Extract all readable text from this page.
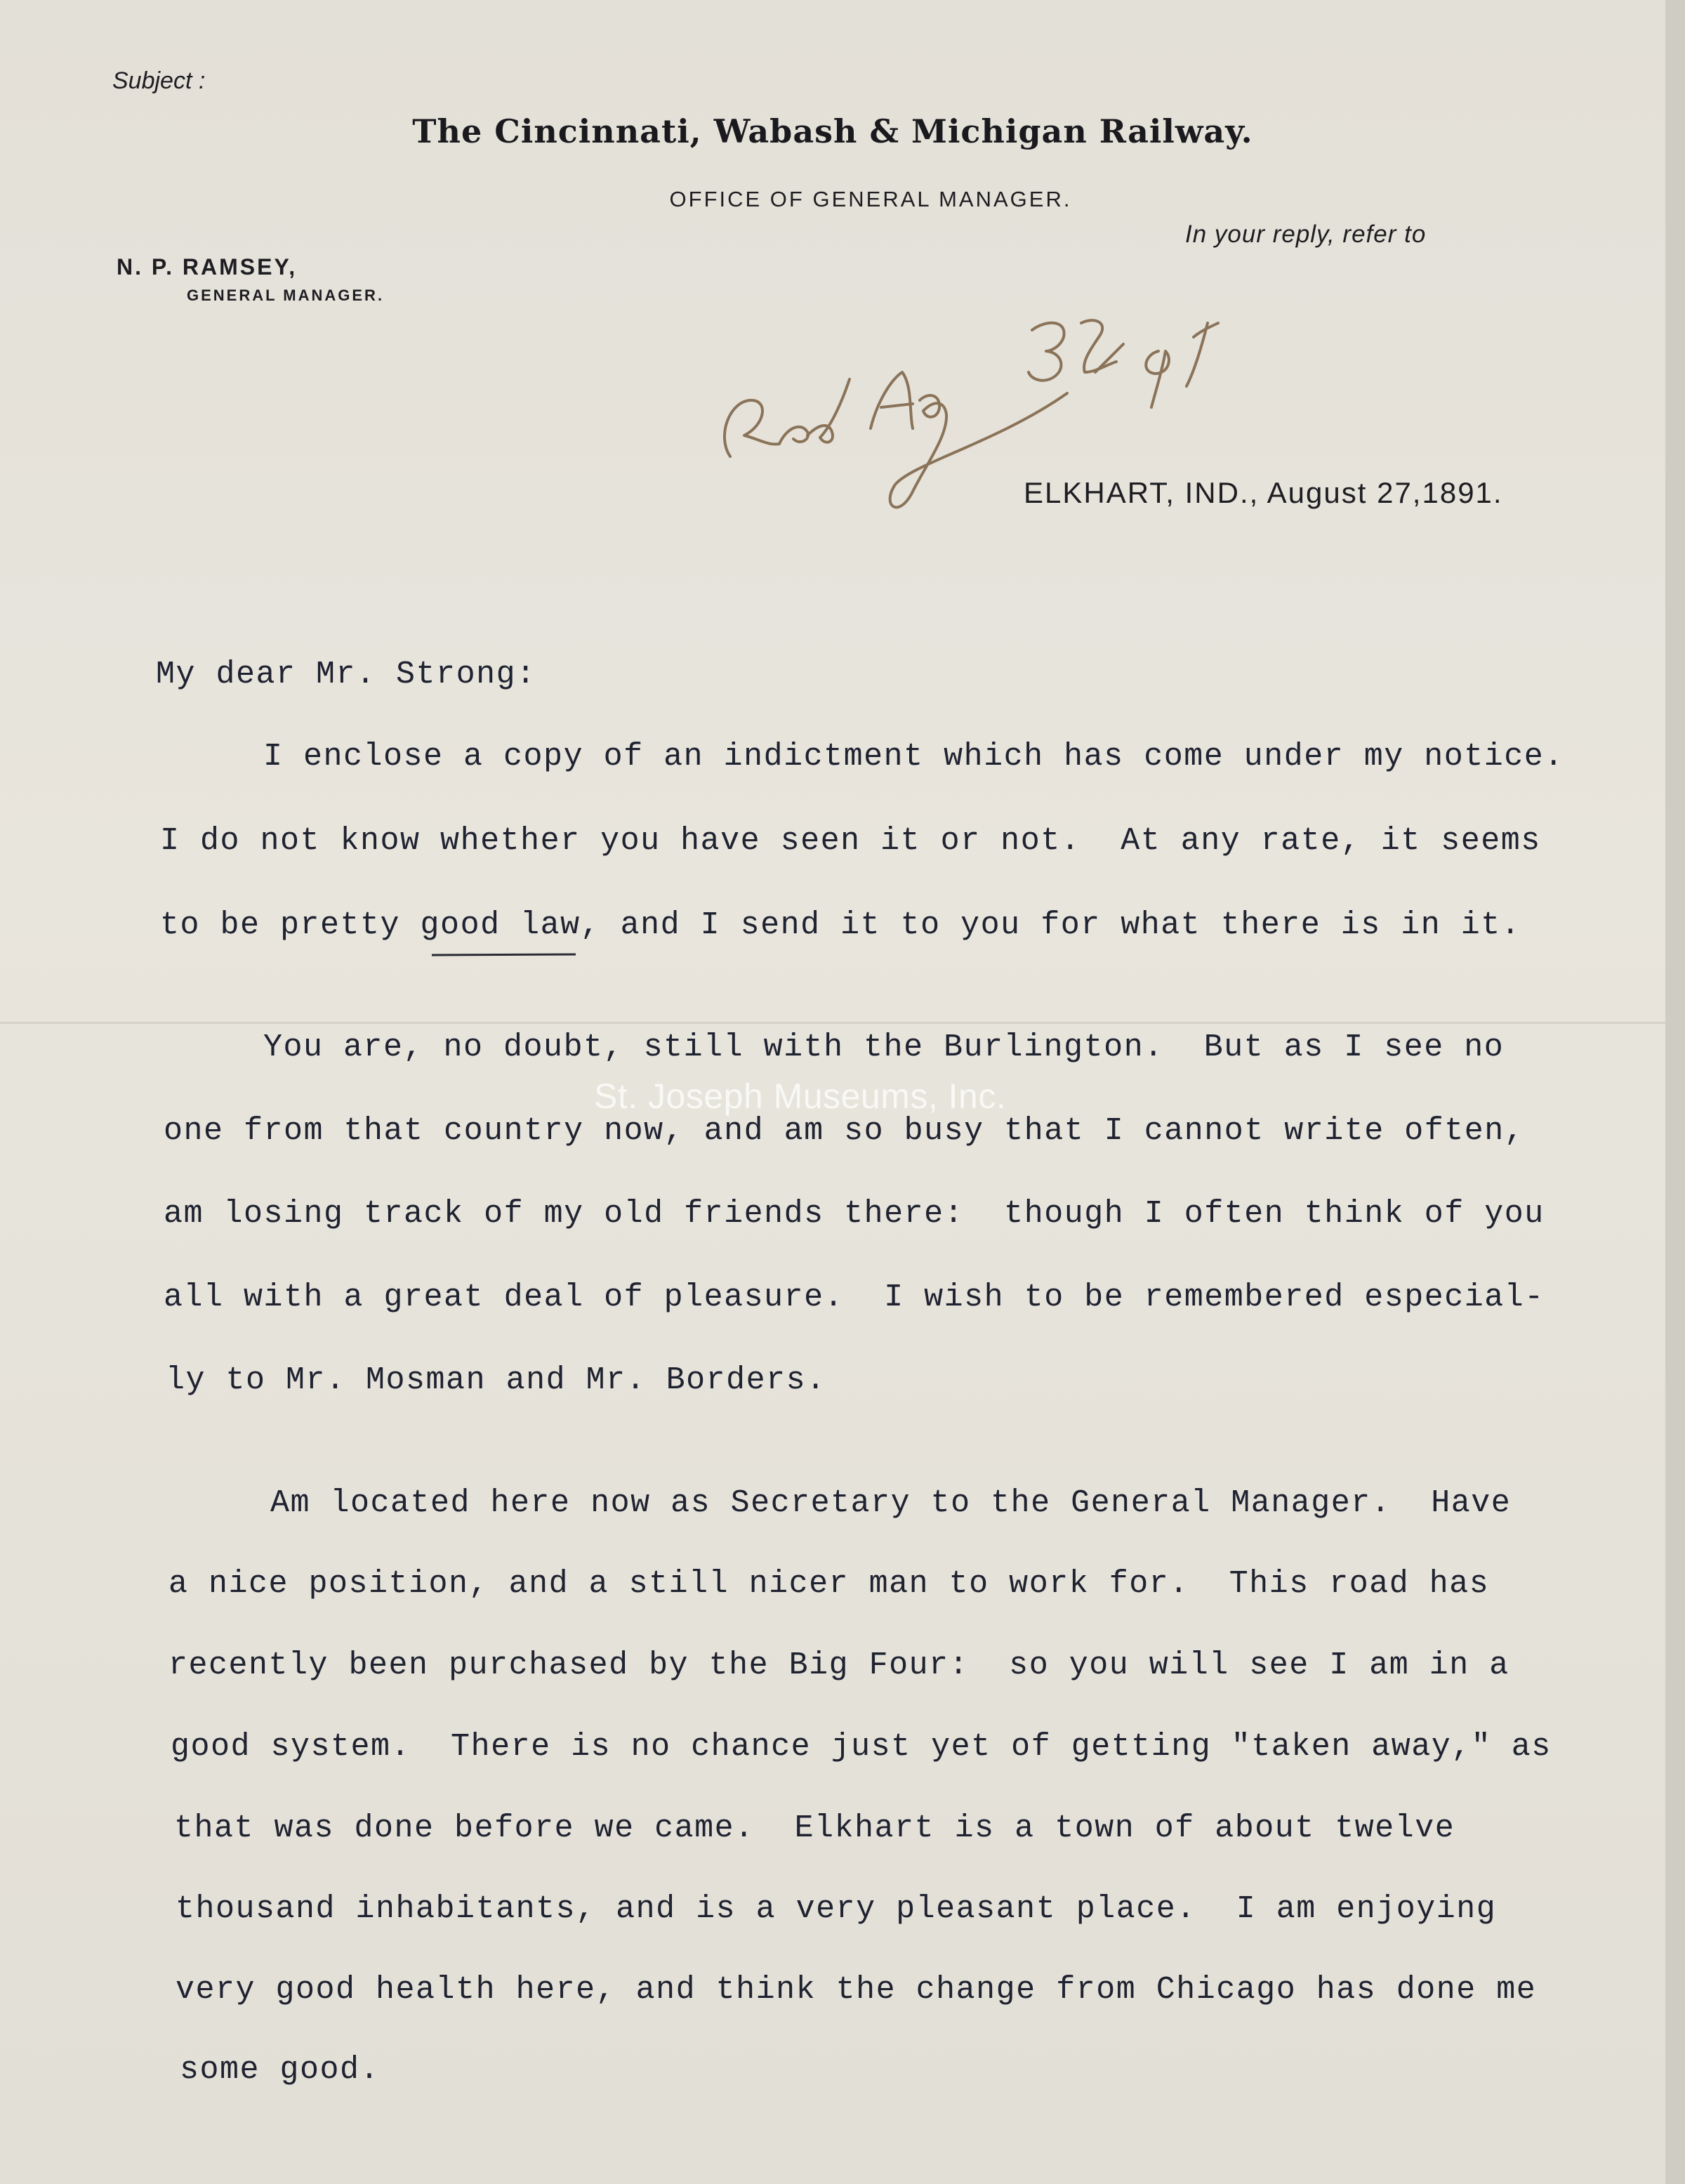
Subject :
The Cincinnati, Wabash & Michigan Railway.
OFFICE OF GENERAL MANAGER.
In your reply, refer to
N. P. RAMSEY,
GENERAL MANAGER.
ELKHART, IND., August 27,1891.
My dear Mr. Strong:
I enclose a copy of an indictment which has come under my notice.
I do not know whether you have seen it or not.  At any rate, it seems
to be pretty good law, and I send it to you for what there is in it.
You are, no doubt, still with the Burlington.  But as I see no
one from that country now, and am so busy that I cannot write often,
am losing track of my old friends there:  though I often think of you
all with a great deal of pleasure.  I wish to be remembered especial-
ly to Mr. Mosman and Mr. Borders.
Am located here now as Secretary to the General Manager.  Have
a nice position, and a still nicer man to work for.  This road has
recently been purchased by the Big Four:  so you will see I am in a
good system.  There is no chance just yet of getting "taken away," as
that was done before we came.  Elkhart is a town of about twelve
thousand inhabitants, and is a very pleasant place.  I am enjoying
very good health here, and think the change from Chicago has done me
some good.
St. Joseph Museums, Inc.
